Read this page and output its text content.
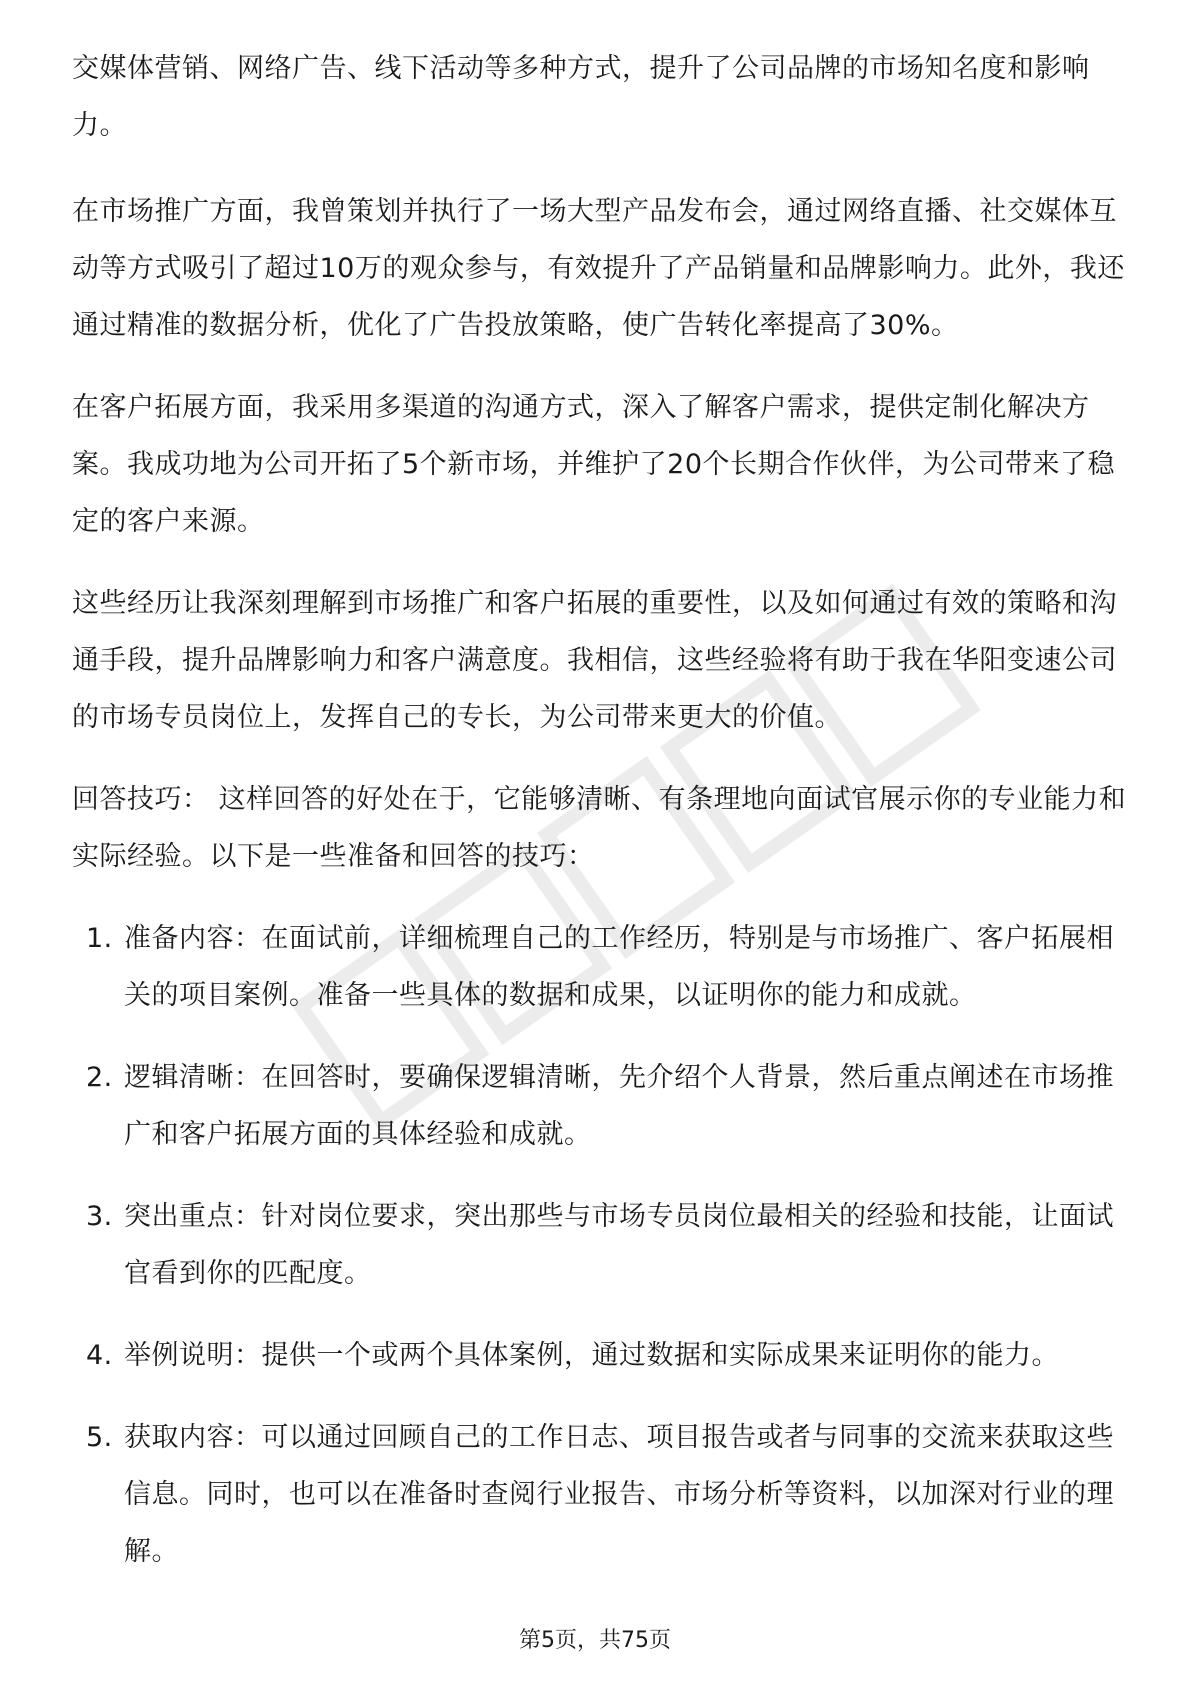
交媒体营销、网络广告、线下活动等多种方式，提升了公司品牌的市场知名度和影响力。

在市场推广方面，我曾策划并执行了一场大型产品发布会，通过网络直播、社交媒体互动等方式吸引了超过10万的观众参与，有效提升了产品销量和品牌影响力。此外，我还通过精准的数据分析，优化了广告投放策略，使广告转化率提高了30%。

在客户拓展方面，我采用多渠道的沟通方式，深入了解客户需求，提供定制化解决方案。我成功地为公司开拓了5个新市场，并维护了20个长期合作伙伴，为公司带来了稳定的客户来源。

这些经历让我深刻理解到市场推广和客户拓展的重要性，以及如何通过有效的策略和沟通手段，提升品牌影响力和客户满意度。我相信，这些经验将有助于我在华阳变速公司的市场专员岗位上，发挥自己的专长，为公司带来更大的价值。

回答技巧： 这样回答的好处在于，它能够清晰、有条理地向面试官展示你的专业能力和实际经验。以下是一些准备和回答的技巧：

1. 准备内容：在面试前，详细梳理自己的工作经历，特别是与市场推广、客户拓展相关的项目案例。准备一些具体的数据和成果，以证明你的能力和成就。
2. 逻辑清晰：在回答时，要确保逻辑清晰，先介绍个人背景，然后重点阐述在市场推广和客户拓展方面的具体经验和成就。
3. 突出重点：针对岗位要求，突出那些与市场专员岗位最相关的经验和技能，让面试官看到你的匹配度。
4. 举例说明：提供一个或两个具体案例，通过数据和实际成果来证明你的能力。
5. 获取内容：可以通过回顾自己的工作日志、项目报告或者与同事的交流来获取这些信息。同时，也可以在准备时查阅行业报告、市场分析等资料，以加深对行业的理解。
第5页，共75页
